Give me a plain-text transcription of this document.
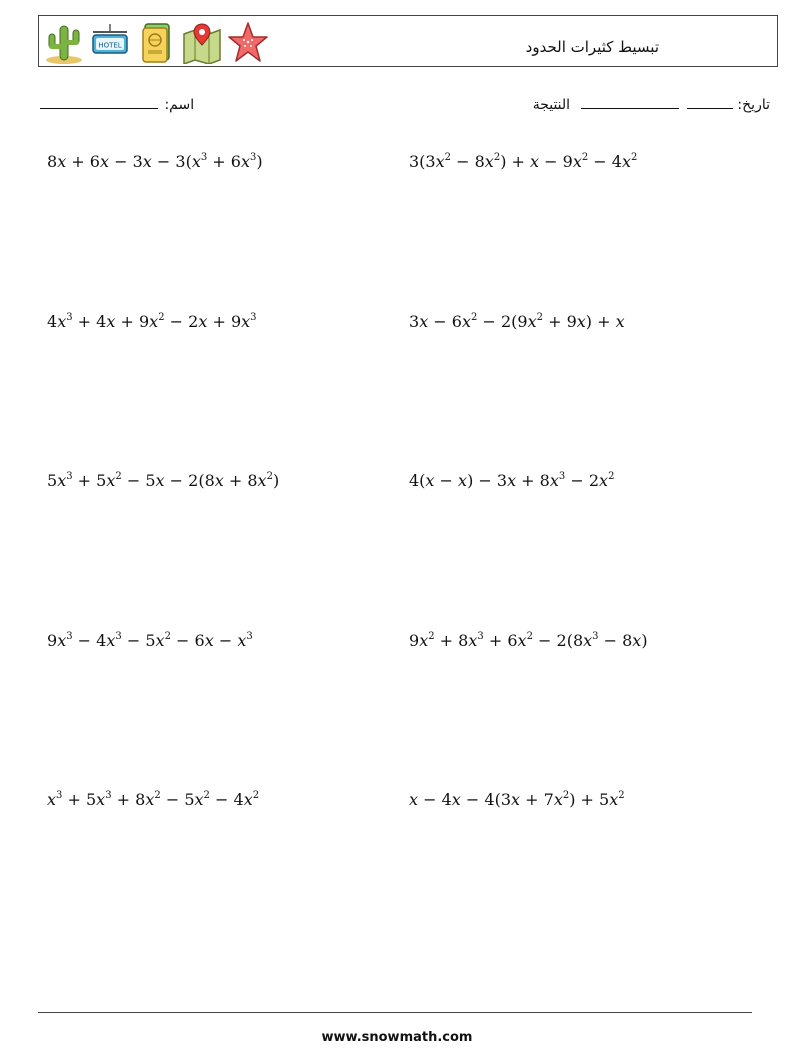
HOTEL	تبسيط كثيرات الحدود
تاريخ:   النتيجة
اسم:
$8x + 6x - 3x - 3(x^3 + 6x^3)$	$3(3x^2 - 8x^2) + x - 9x^2 - 4x^2$
$4x^3 + 4x + 9x^2 - 2x + 9x^3$	$3x - 6x^2 - 2(9x^2 + 9x) + x$
$5x^3 + 5x^2 - 5x - 2(8x + 8x^2)$	$4(x - x) - 3x + 8x^3 - 2x^2$
$9x^3 - 4x^3 - 5x^2 - 6x - x^3$	$9x^2 + 8x^3 + 6x^2 - 2(8x^3 - 8x)$
$x^3 + 5x^3 + 8x^2 - 5x^2 - 4x^2$	$x - 4x - 4(3x + 7x^2) + 5x^2$
www.snowmath.com
